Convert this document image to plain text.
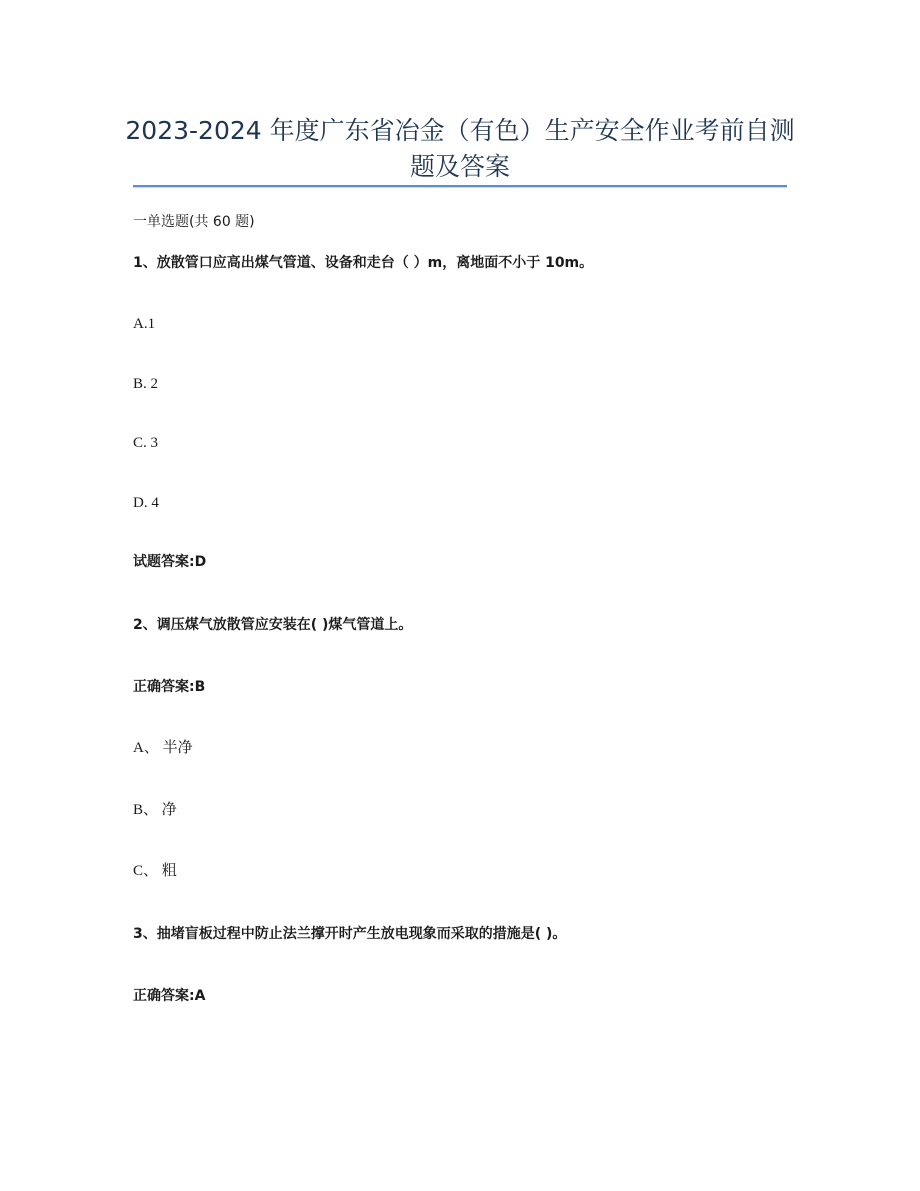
2023-2024 年度广东省冶金（有色）生产安全作业考前自测
题及答案
一单选题(共 60 题)
1、放散管口应高出煤气管道、设备和走台（ ）m，离地面不小于 10m。
A.1
B. 2
C. 3
D. 4
试题答案:D
2、调压煤气放散管应安装在( )煤气管道上。
正确答案:B
A、 半净
B、 净
C、 粗
3、抽堵盲板过程中防止法兰撑开时产生放电现象而采取的措施是( )。
正确答案:A
